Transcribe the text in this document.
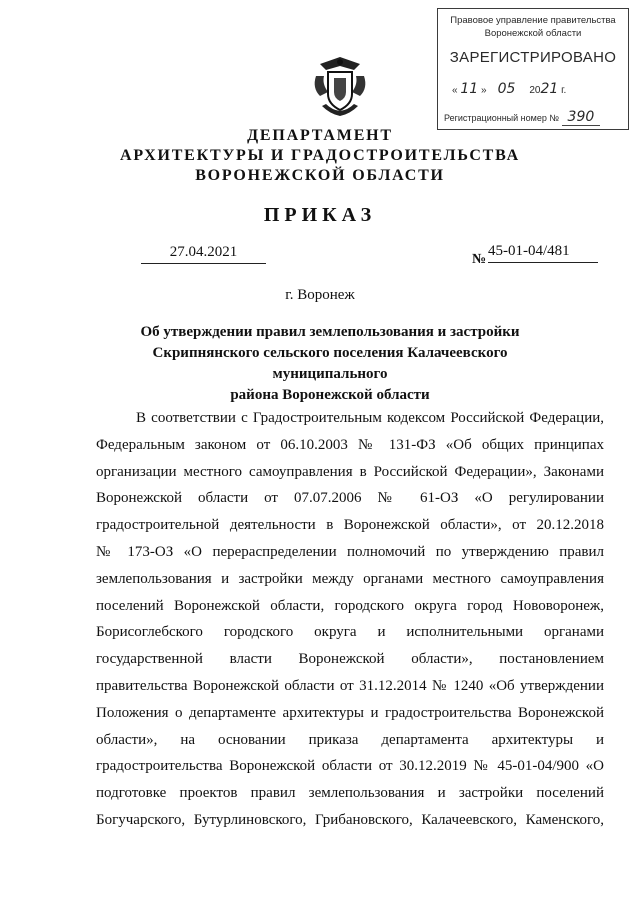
Правовое управление правительства
Воронежской области
ЗАРЕГИСТРИРОВАНО
« 11 »    05 2021 г.
Регистрационный номер № 390
ДЕПАРТАМЕНТ
АРХИТЕКТУРЫ И ГРАДОСТРОИТЕЛЬСТВА
ВОРОНЕЖСКОЙ ОБЛАСТИ
ПРИКАЗ
27.04.2021	№
45-01-04/481
г. Воронеж
Об утверждении правил землепользования и застройки
Скрипнянского сельского поселения Калачеевского муниципального
района Воронежской области
В соответствии с Градостроительным кодексом Российской Федерации,
Федеральным законом от 06.10.2003 № 131-ФЗ «Об общих принципах
организации местного самоуправления в Российской Федерации», Законами
Воронежской области от 07.07.2006 № 61-ОЗ «О регулировании
градостроительной деятельности в Воронежской области», от 20.12.2018
№ 173-ОЗ «О перераспределении полномочий по утверждению правил
землепользования и застройки между органами местного самоуправления
поселений Воронежской области, городского округа город Нововоронеж,
Борисоглебского городского округа и исполнительными органами
государственной власти Воронежской области», постановлением
правительства Воронежской области от 31.12.2014 № 1240 «Об утверждении
Положения о департаменте архитектуры и градостроительства Воронежской
области», на основании приказа департамента архитектуры и
градостроительства Воронежской области от 30.12.2019 № 45-01-04/900 «О
подготовке проектов правил землепользования и застройки поселений
Богучарского, Бутурлиновского, Грибановского, Калачеевского, Каменского,
